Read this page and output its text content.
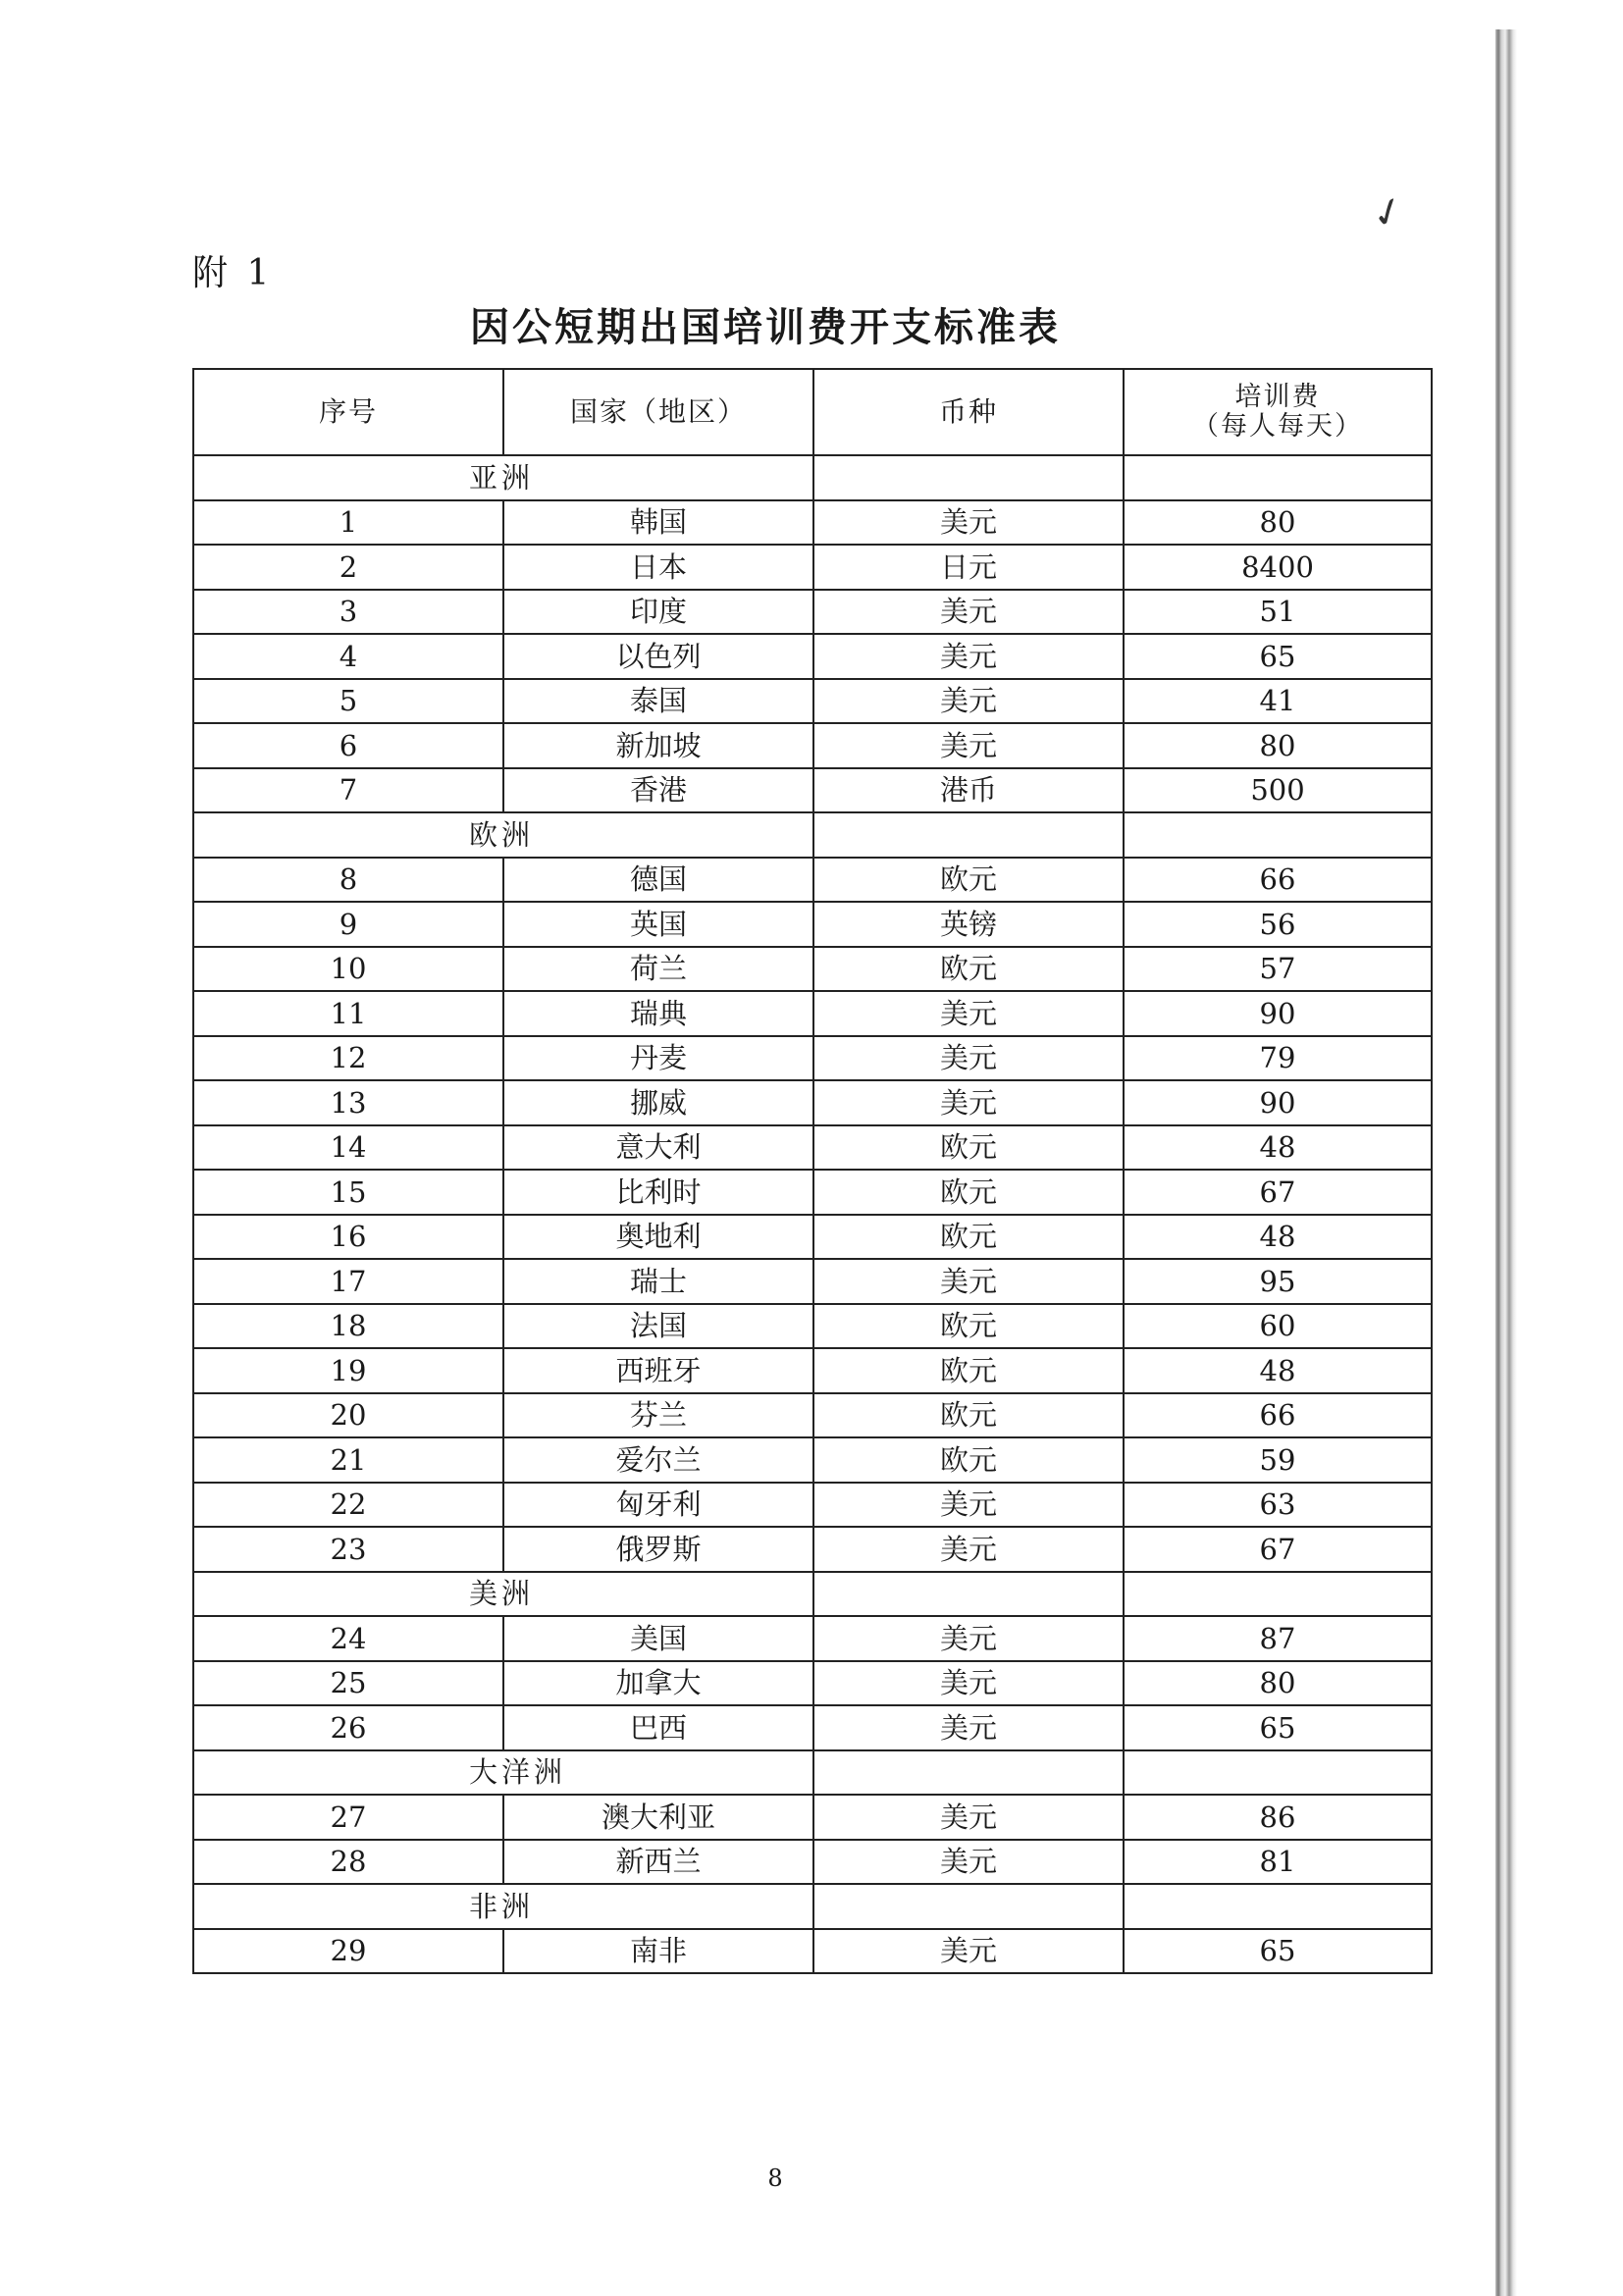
✓
附 1
因公短期出国培训费开支标准表
序号	国家（地区）	币种	培训费
（每人每天）

亚洲			
1	韩国	美元	80
2	日本	日元	8400
3	印度	美元	51
4	以色列	美元	65
5	泰国	美元	41
6	新加坡	美元	80
7	香港	港币	500
欧洲			
8	德国	欧元	66
9	英国	英镑	56
10	荷兰	欧元	57
11	瑞典	美元	90
12	丹麦	美元	79
13	挪威	美元	90
14	意大利	欧元	48
15	比利时	欧元	67
16	奥地利	欧元	48
17	瑞士	美元	95
18	法国	欧元	60
19	西班牙	欧元	48
20	芬兰	欧元	66
21	爱尔兰	欧元	59
22	匈牙利	美元	63
23	俄罗斯	美元	67
美洲			
24	美国	美元	87
25	加拿大	美元	80
26	巴西	美元	65
大洋洲			
27	澳大利亚	美元	86
28	新西兰	美元	81
非洲			
29	南非	美元	65
8
